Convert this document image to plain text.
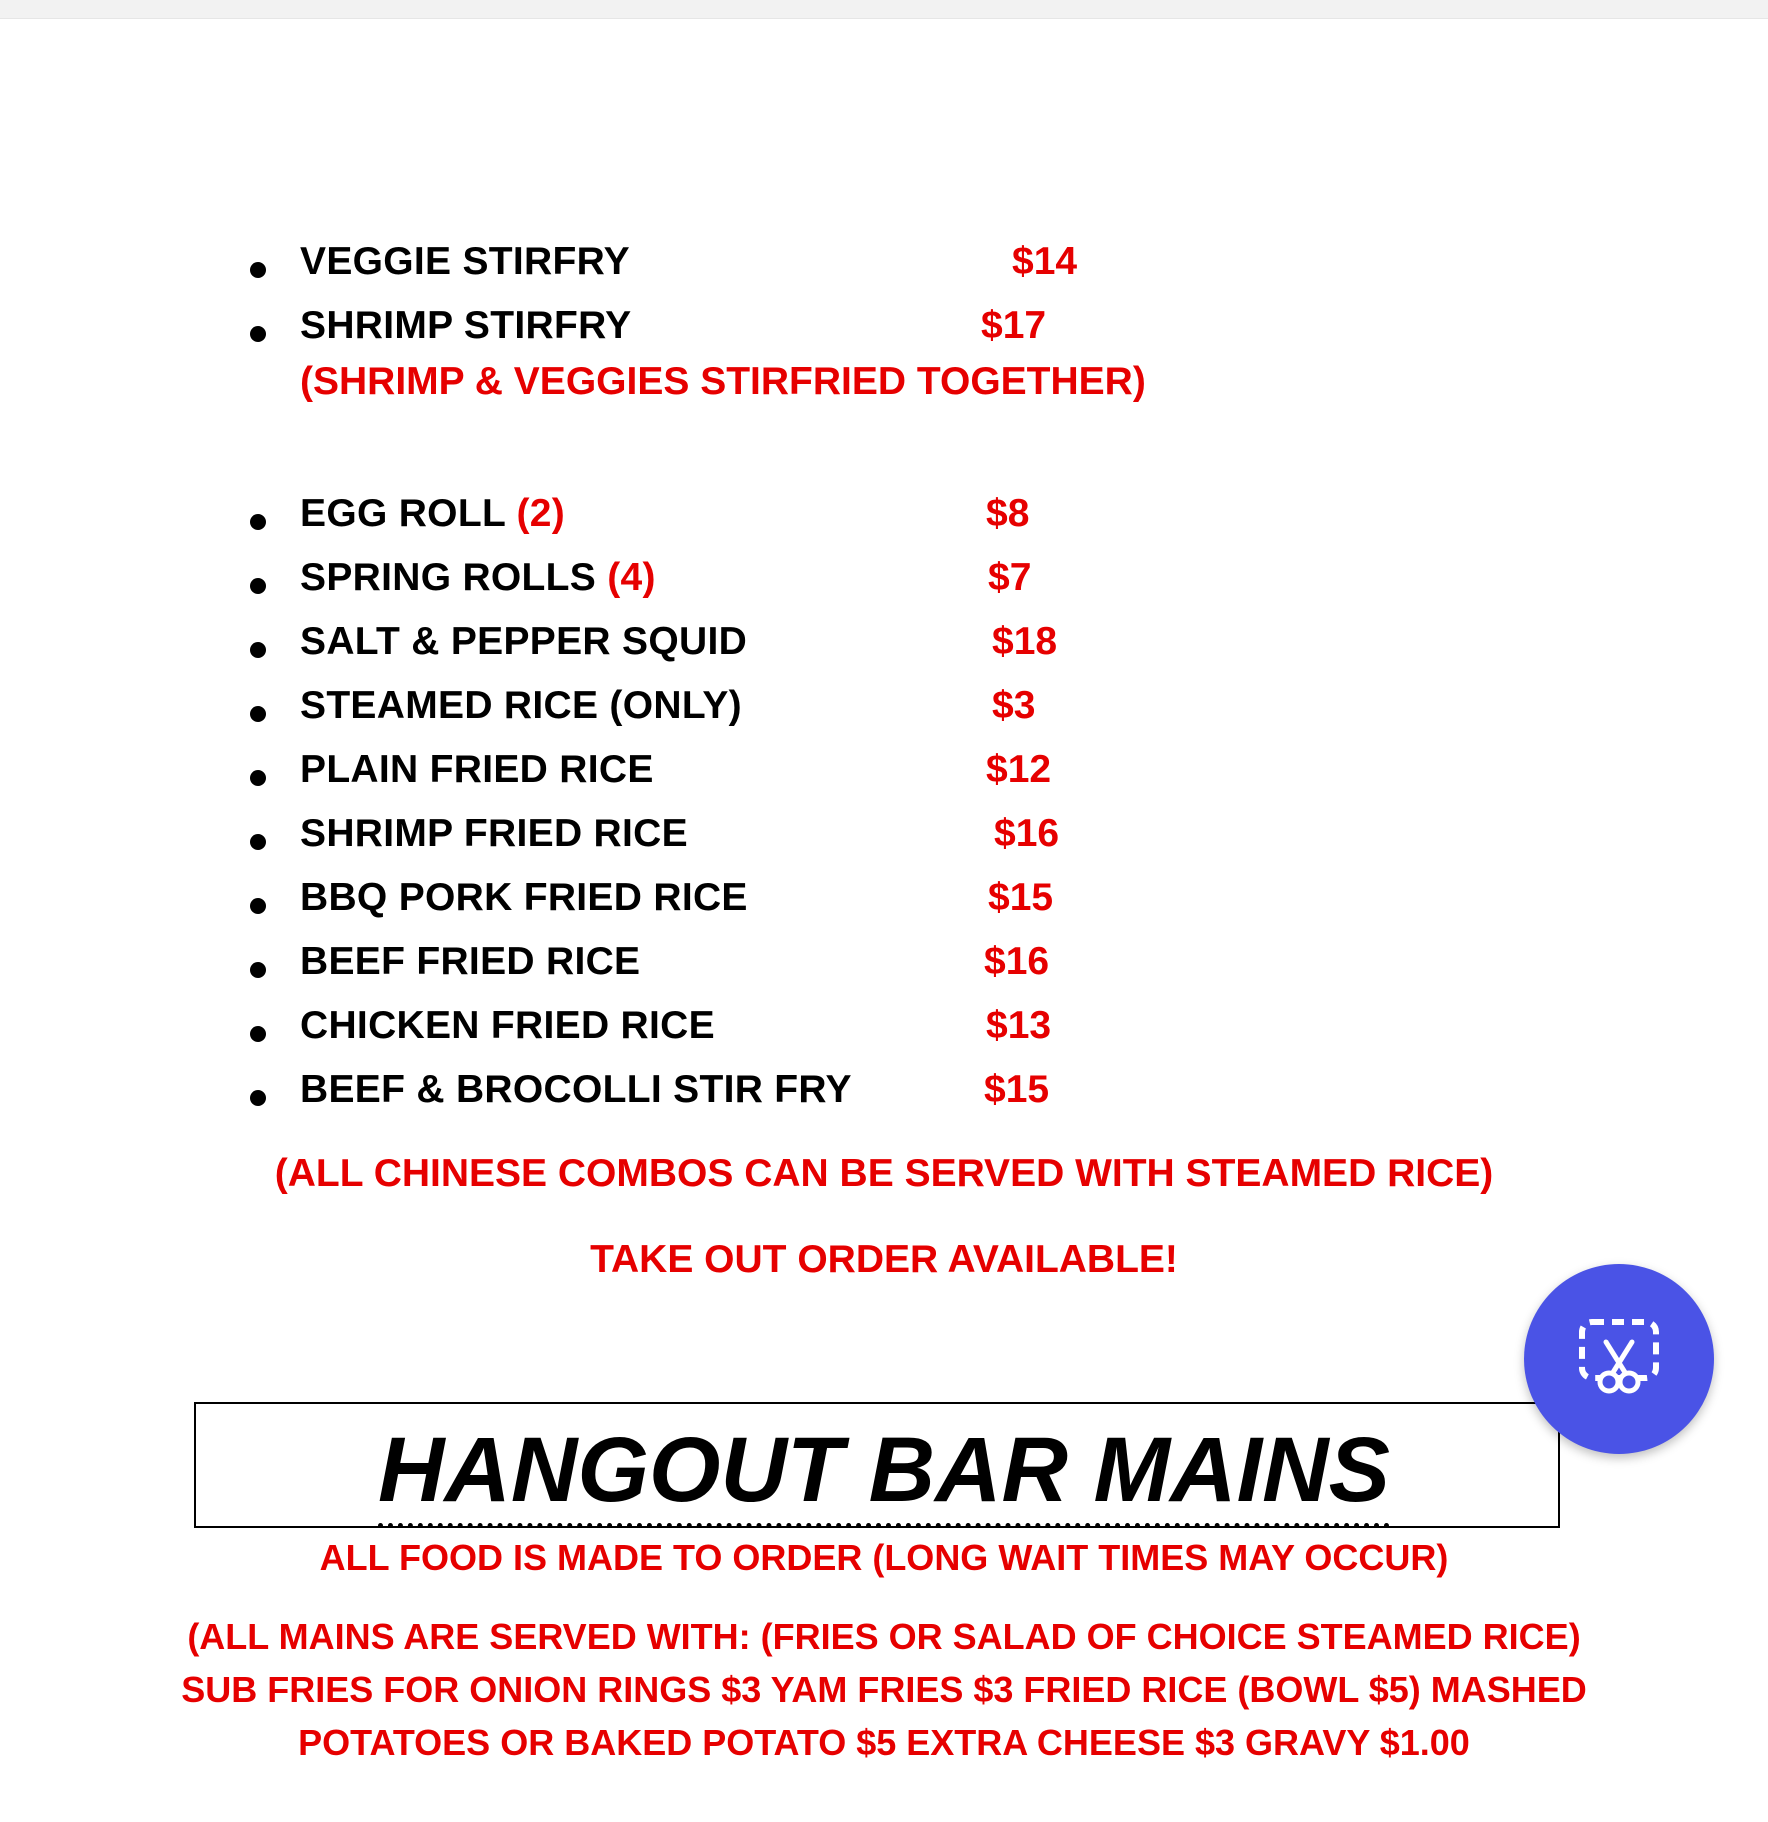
VEGGIE STIRFRY	$14
SHRIMP STIRFRY	$17
(SHRIMP & VEGGIES STIRFRIED TOGETHER)
EGG ROLL (2)	$8
SPRING ROLLS (4)	$7
SALT & PEPPER SQUID	$18
STEAMED RICE (ONLY)	$3
PLAIN FRIED RICE	$12
SHRIMP FRIED RICE	$16
BBQ PORK FRIED RICE	$15
BEEF FRIED RICE	$16
CHICKEN FRIED RICE	$13
BEEF & BROCOLLI STIR FRY	$15
(ALL CHINESE COMBOS CAN BE SERVED WITH STEAMED RICE)
TAKE OUT ORDER AVAILABLE!
HANGOUT BAR MAINS
ALL FOOD IS MADE TO ORDER (LONG WAIT TIMES MAY OCCUR)
(ALL MAINS ARE SERVED WITH: (FRIES OR SALAD OF CHOICE STEAMED RICE)
SUB FRIES FOR ONION RINGS $3 YAM FRIES $3 FRIED RICE (BOWL $5) MASHED
POTATOES OR BAKED POTATO $5 EXTRA CHEESE $3 GRAVY $1.00
